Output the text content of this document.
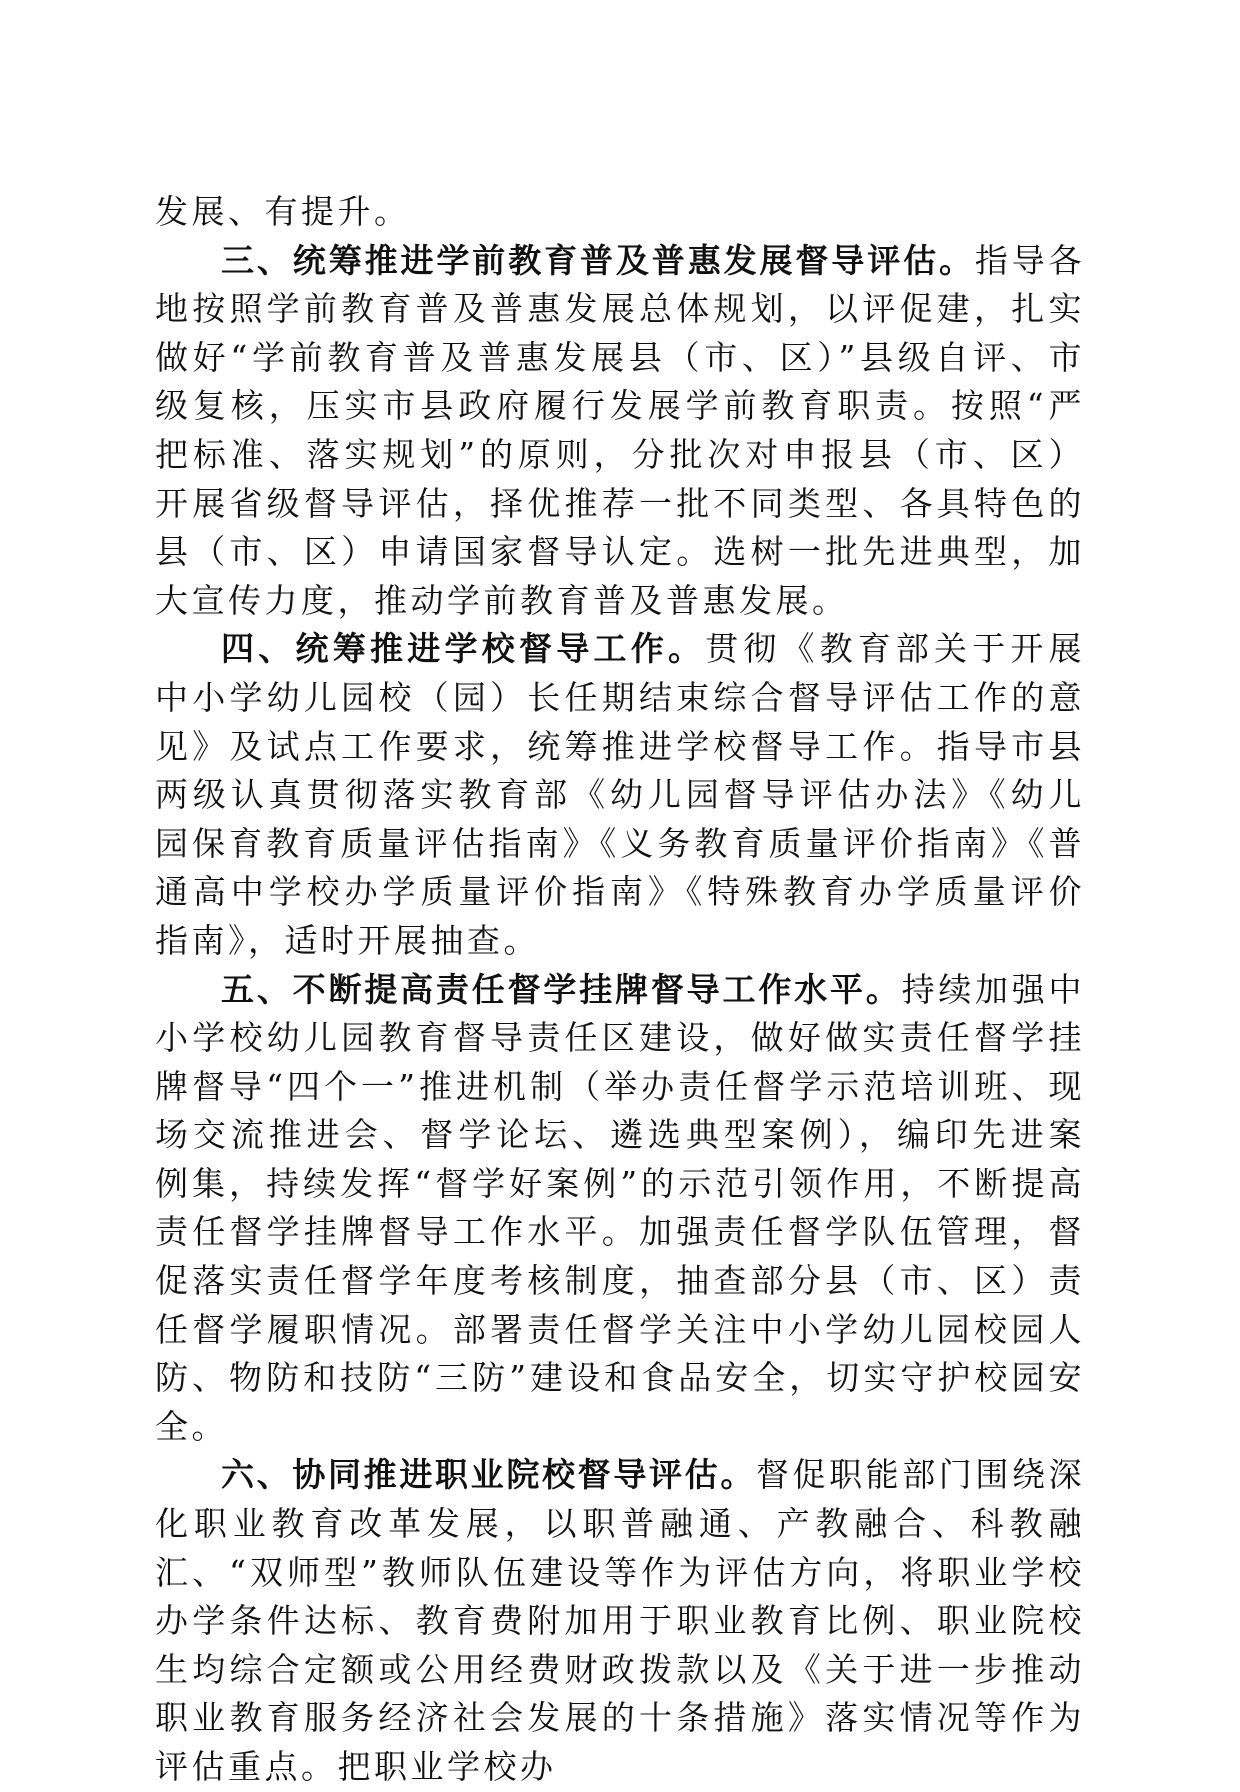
发展、有提升。

三、统筹推进学前教育普及普惠发展督导评估。指导各地按照学前教育普及普惠发展总体规划，以评促建，扎实做好“学前教育普及普惠发展县（市、区）”县级自评、市级复核，压实市县政府履行发展学前教育职责。按照“严把标准、落实规划”的原则，分批次对申报县（市、区）开展省级督导评估，择优推荐一批不同类型、各具特色的县（市、区）申请国家督导认定。选树一批先进典型，加大宣传力度，推动学前教育普及普惠发展。

四、统筹推进学校督导工作。贯彻《教育部关于开展中小学幼儿园校（园）长任期结束综合督导评估工作的意见》及试点工作要求，统筹推进学校督导工作。指导市县两级认真贯彻落实教育部《幼儿园督导评估办法》《幼儿园保育教育质量评估指南》《义务教育质量评价指南》《普通高中学校办学质量评价指南》《特殊教育办学质量评价指南》，适时开展抽查。

五、不断提高责任督学挂牌督导工作水平。持续加强中小学校幼儿园教育督导责任区建设，做好做实责任督学挂牌督导“四个一”推进机制（举办责任督学示范培训班、现场交流推进会、督学论坛、遴选典型案例），编印先进案例集，持续发挥“督学好案例”的示范引领作用，不断提高责任督学挂牌督导工作水平。加强责任督学队伍管理，督促落实责任督学年度考核制度，抽查部分县（市、区）责任督学履职情况。部署责任督学关注中小学幼儿园校园人防、物防和技防“三防”建设和食品安全，切实守护校园安全。

六、协同推进职业院校督导评估。督促职能部门围绕深化职业教育改革发展，以职普融通、产教融合、科教融汇、“双师型”教师队伍建设等作为评估方向，将职业学校办学条件达标、教育费附加用于职业教育比例、职业院校生均综合定额或公用经费财政拨款以及《关于进一步推动职业教育服务经济社会发展的十条措施》落实情况等作为评估重点。把职业学校办
